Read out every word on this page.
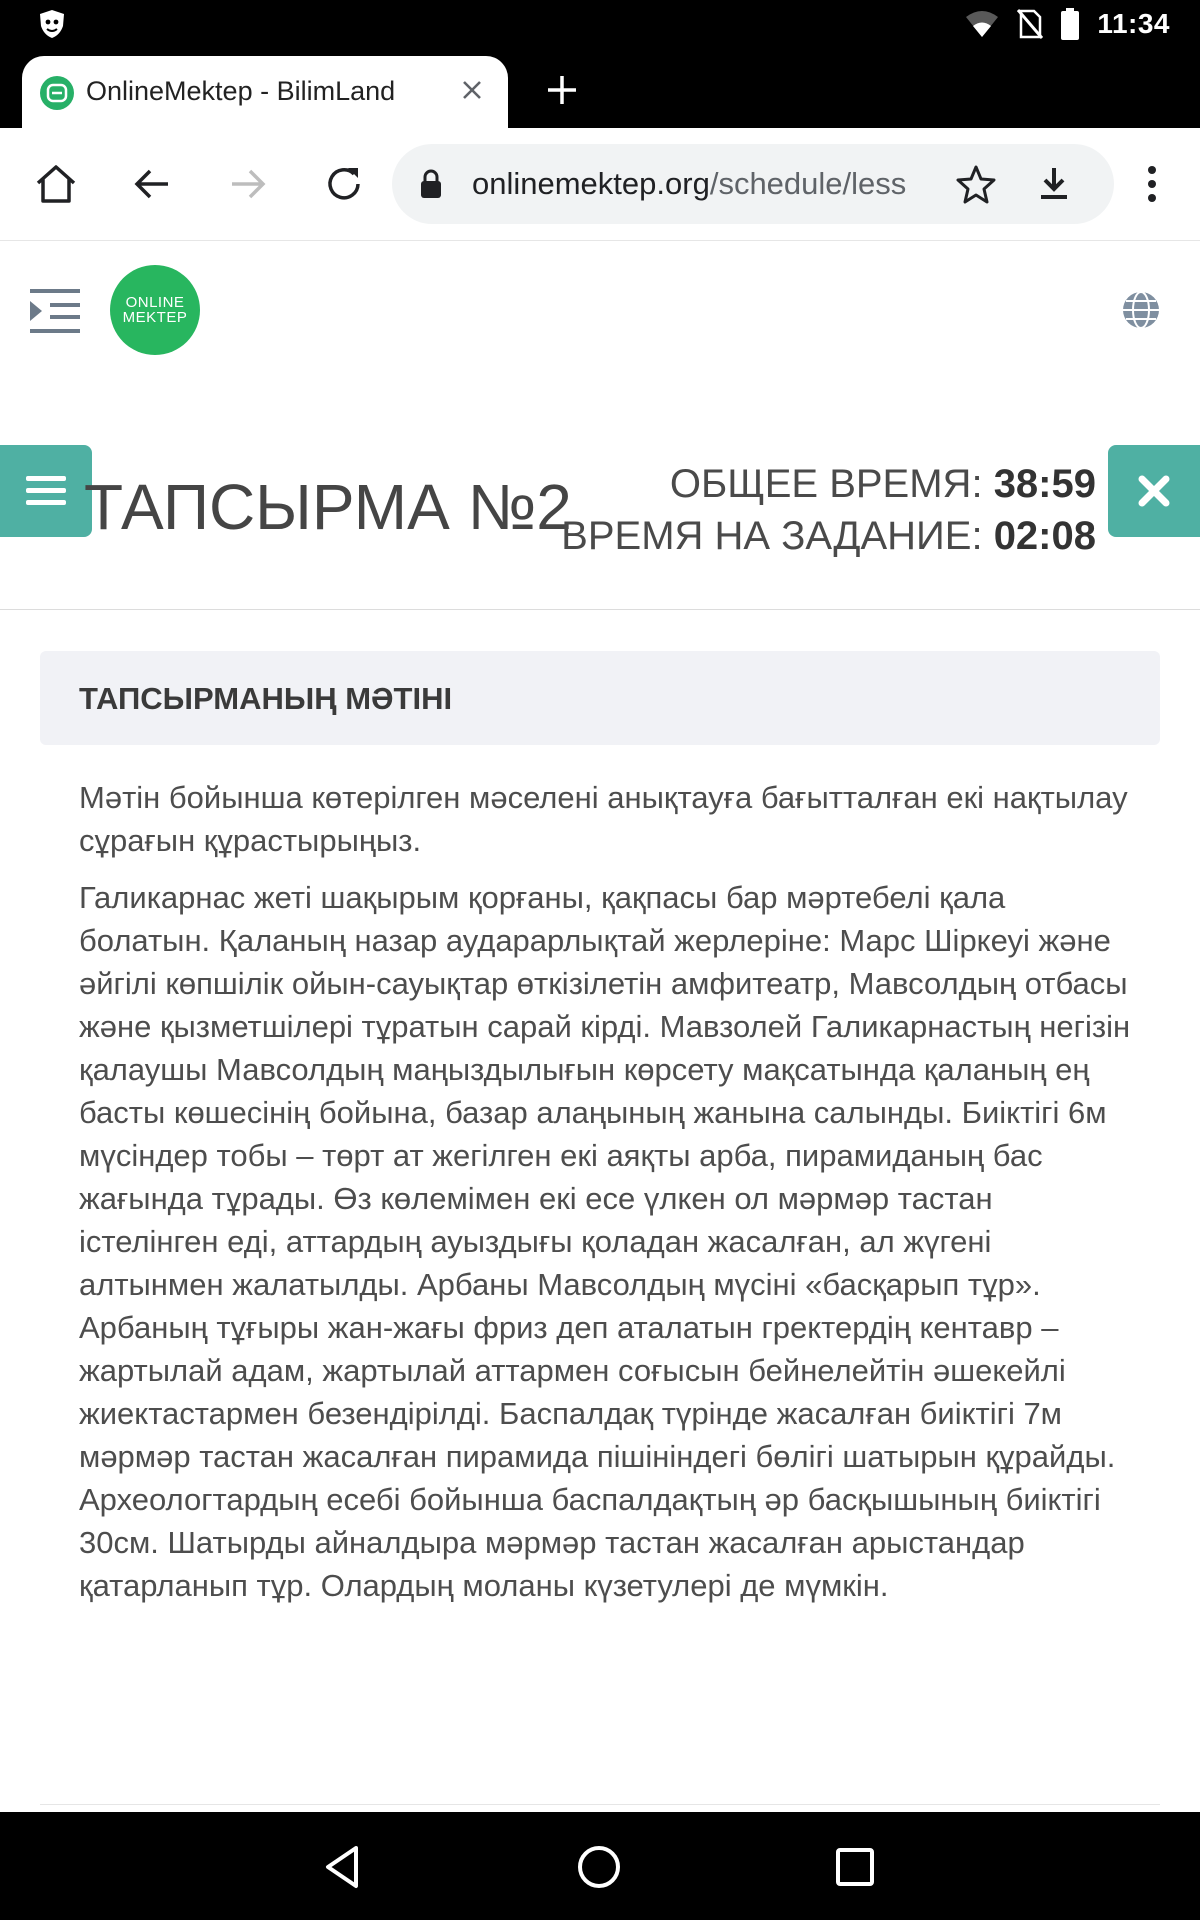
11:34
OnlineMektep - BilimLand
onlinemektep.org/schedule/less
ONLINE
MEKTEP
ТАПСЫРМА №2	ОБЩЕЕ ВРЕМЯ: 38:59
ВРЕМЯ НА ЗАДАНИЕ: 02:08
ТАПСЫРМАНЫҢ МӘТІНІ

Мәтін бойынша көтерілген мәселені анықтауға бағытталған екі нақтылау сұрағын құрастырыңыз.

Галикарнас жеті шақырым қорғаны, қақпасы бар мәртебелі қала болатын. Қаланың назар аударарлықтай жерлеріне: Марс Шіркеуі және әйгілі көпшілік ойын-сауықтар өткізілетін амфитеатр, Мавсолдың отбасы және қызметшілері тұратын сарай кірді. Мавзолей Галикарнастың негізін қалаушы Мавсолдың маңыздылығын көрсету мақсатында қаланың ең басты көшесінің бойына, базар алаңының жанына салынды. Биіктігі 6м мүсіндер тобы – төрт ат жегілген екі аяқты арба, пирамиданың бас жағында тұрады. Өз көлемімен екі есе үлкен ол мәрмәр тастан істелінген еді, аттардың ауыздығы қоладан жасалған, ал жүгені алтынмен жалатылды. Арбаны Мавсолдың мүсіні «басқарып тұр». Арбаның тұғыры жан-жағы фриз деп аталатын гректердің кентавр – жартылай адам, жартылай аттармен соғысын бейнелейтін әшекейлі жиектастармен безендірілді. Баспалдақ түрінде жасалған биіктігі 7м мәрмәр тастан жасалған пирамида пішініндегі бөлігі шатырын құрайды. Археологтардың есебі бойынша баспалдақтың әр басқышының биіктігі 30см. Шатырды айналдыра мәрмәр тастан жасалған арыстандар қатарланып тұр. Олардың моланы күзетулері де мүмкін.
